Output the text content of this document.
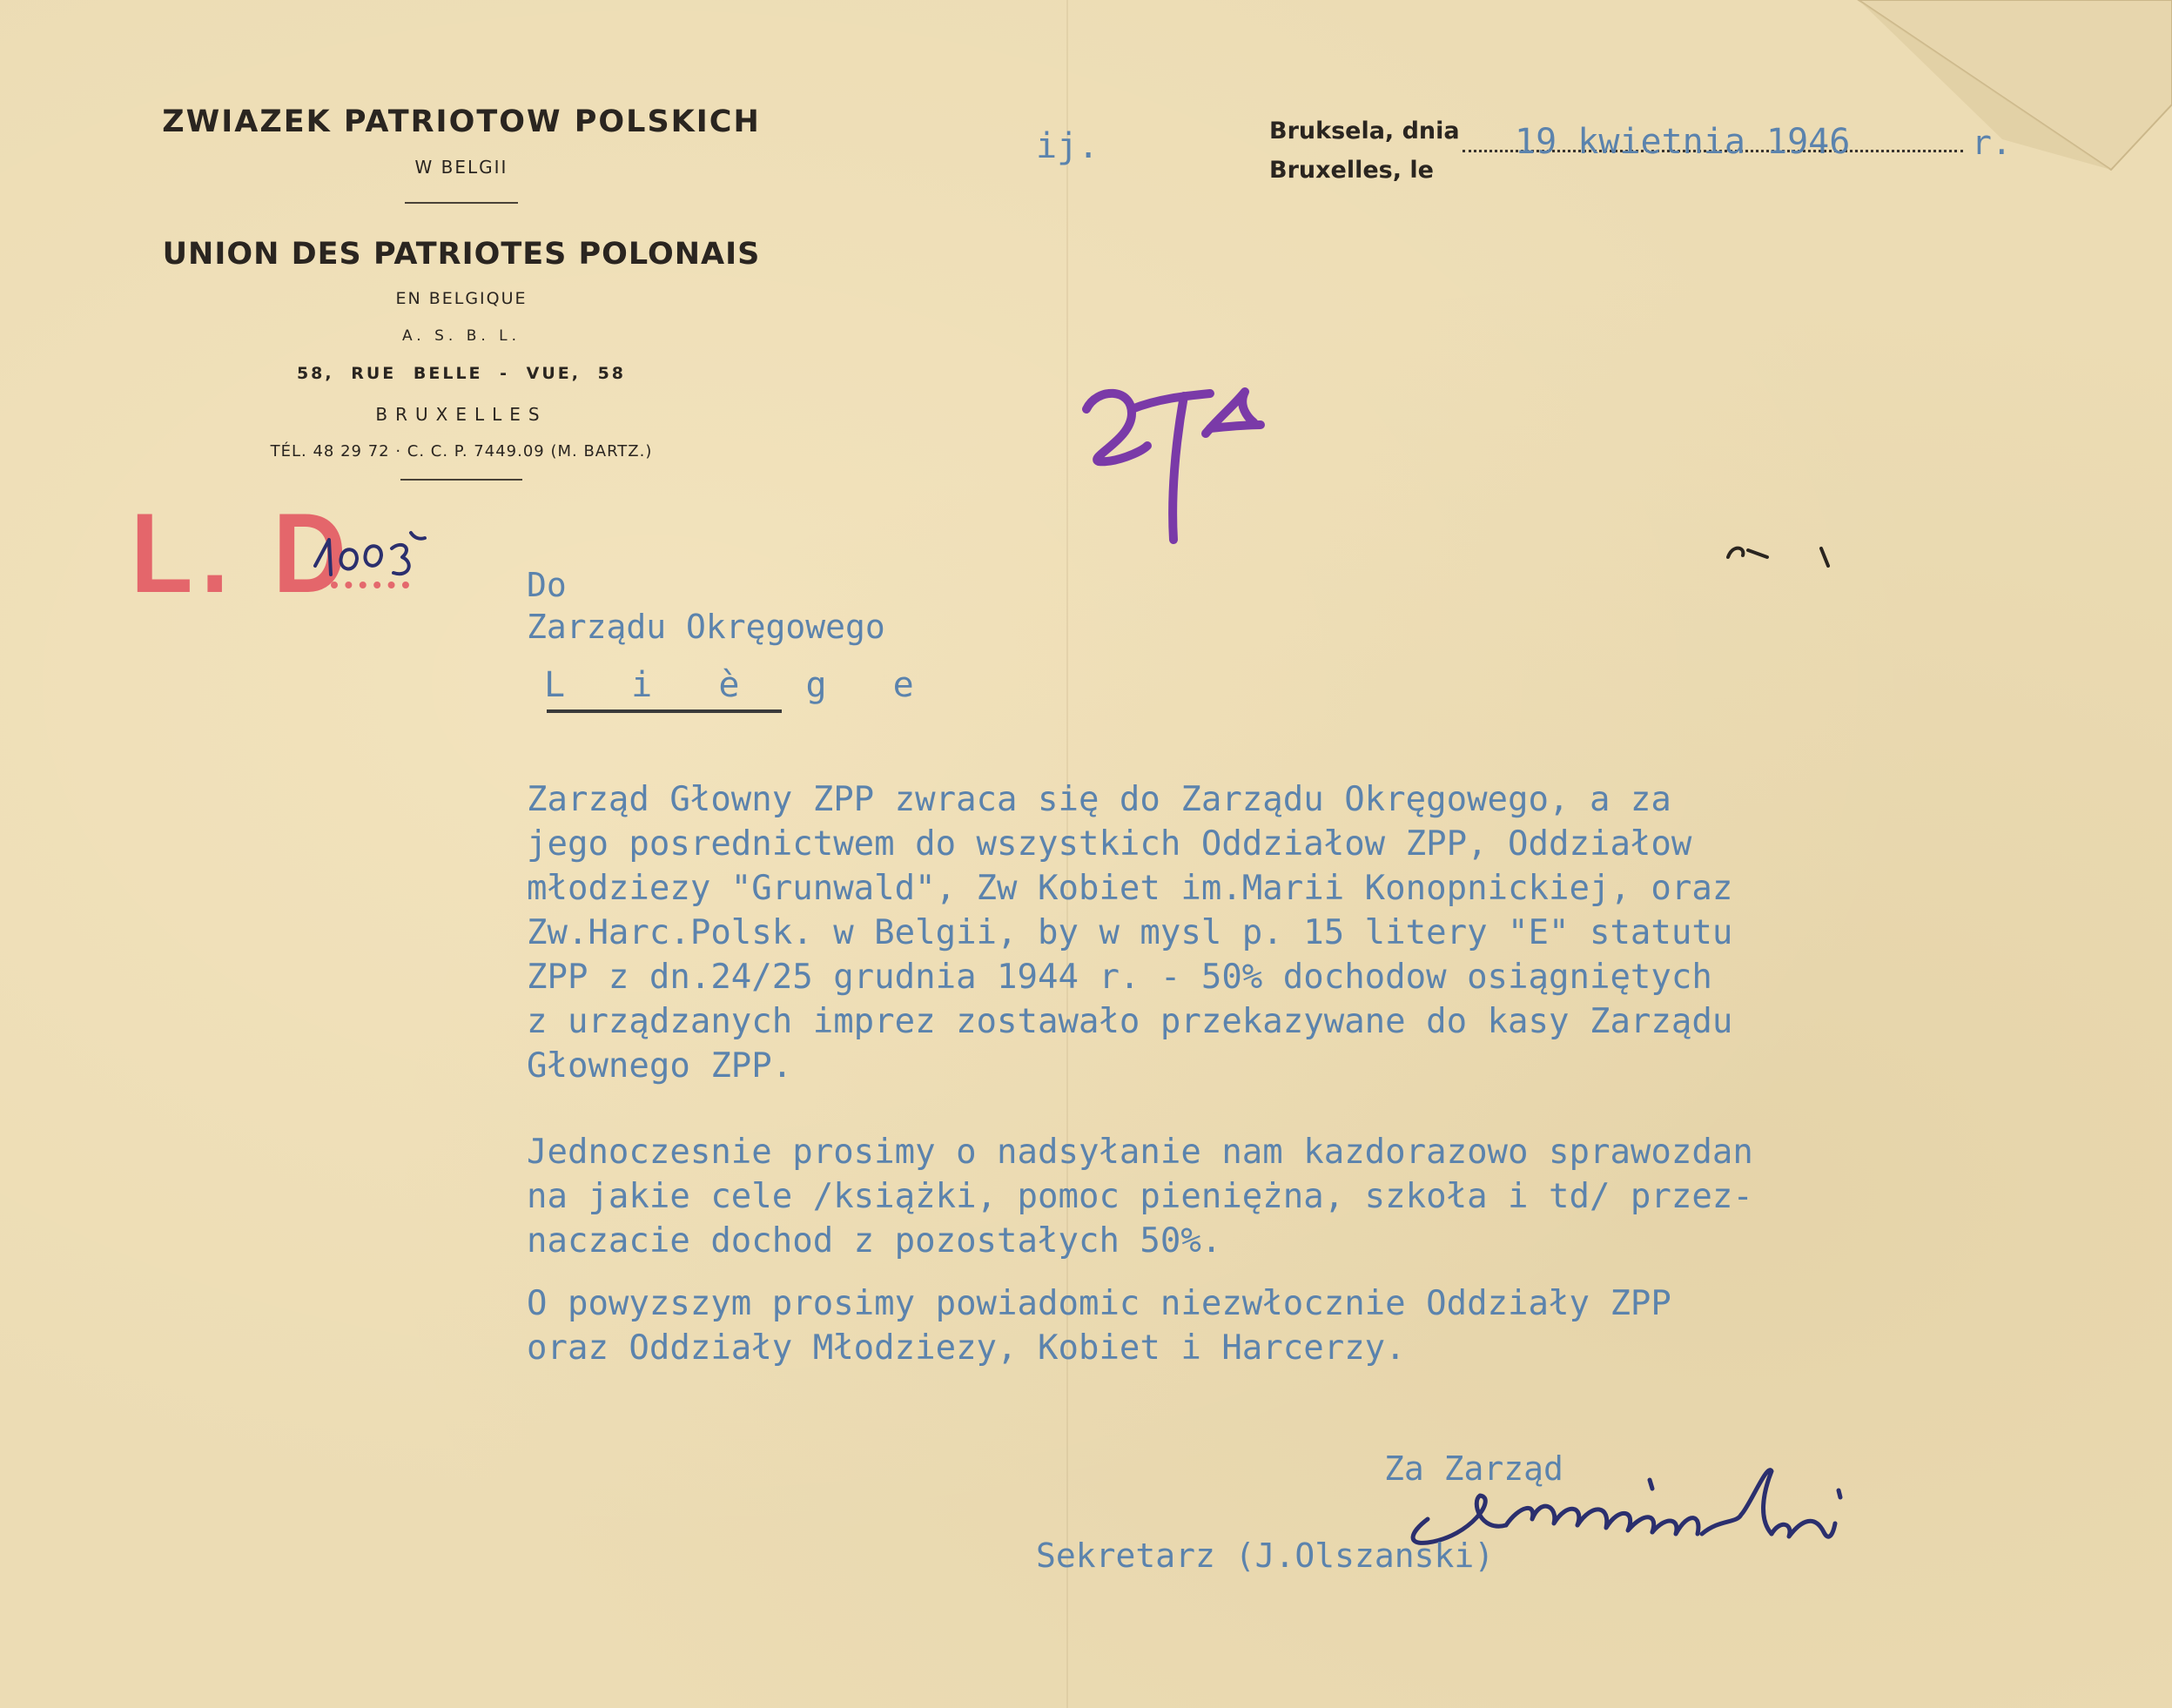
ZWIAZEK PATRIOTOW POLSKICH
W BELGII
UNION DES PATRIOTES POLONAIS
EN BELGIQUE
A. S. B. L.
58, RUE BELLE - VUE, 58
BRUXELLES
TÉL. 48 29 72 · C. C. P. 7449.09 (M. BARTZ.)
Bruksela, dnia
Bruxelles, le
19 kwietnia 1946	r.
ij.
L. D	Do
Zarządu Okręgowego
L i è g e
Zarząd Głowny ZPP zwraca się do Zarządu Okręgowego, a za
jego posrednictwem do wszystkich Oddziałow ZPP, Oddziałow
młodziezy "Grunwald", Zw Kobiet im.Marii Konopnickiej, oraz
Zw.Harc.Polsk. w Belgii, by w mysl p. 15 litery "E" statutu
ZPP z dn.24/25 grudnia 1944 r. - 50% dochodow osiągniętych
z urządzanych imprez zostawało przekazywane do kasy Zarządu
Głownego ZPP.
Jednoczesnie prosimy o nadsyłanie nam kazdorazowo sprawozdan
na jakie cele /książki, pomoc pieniężna, szkoła i td/ przez-
naczacie dochod z pozostałych 50%.
O powyzszym prosimy powiadomic niezwłocznie Oddziały ZPP
oraz Oddziały Młodziezy, Kobiet i Harcerzy.
Za Zarząd
Sekretarz (J.Olszanski)
